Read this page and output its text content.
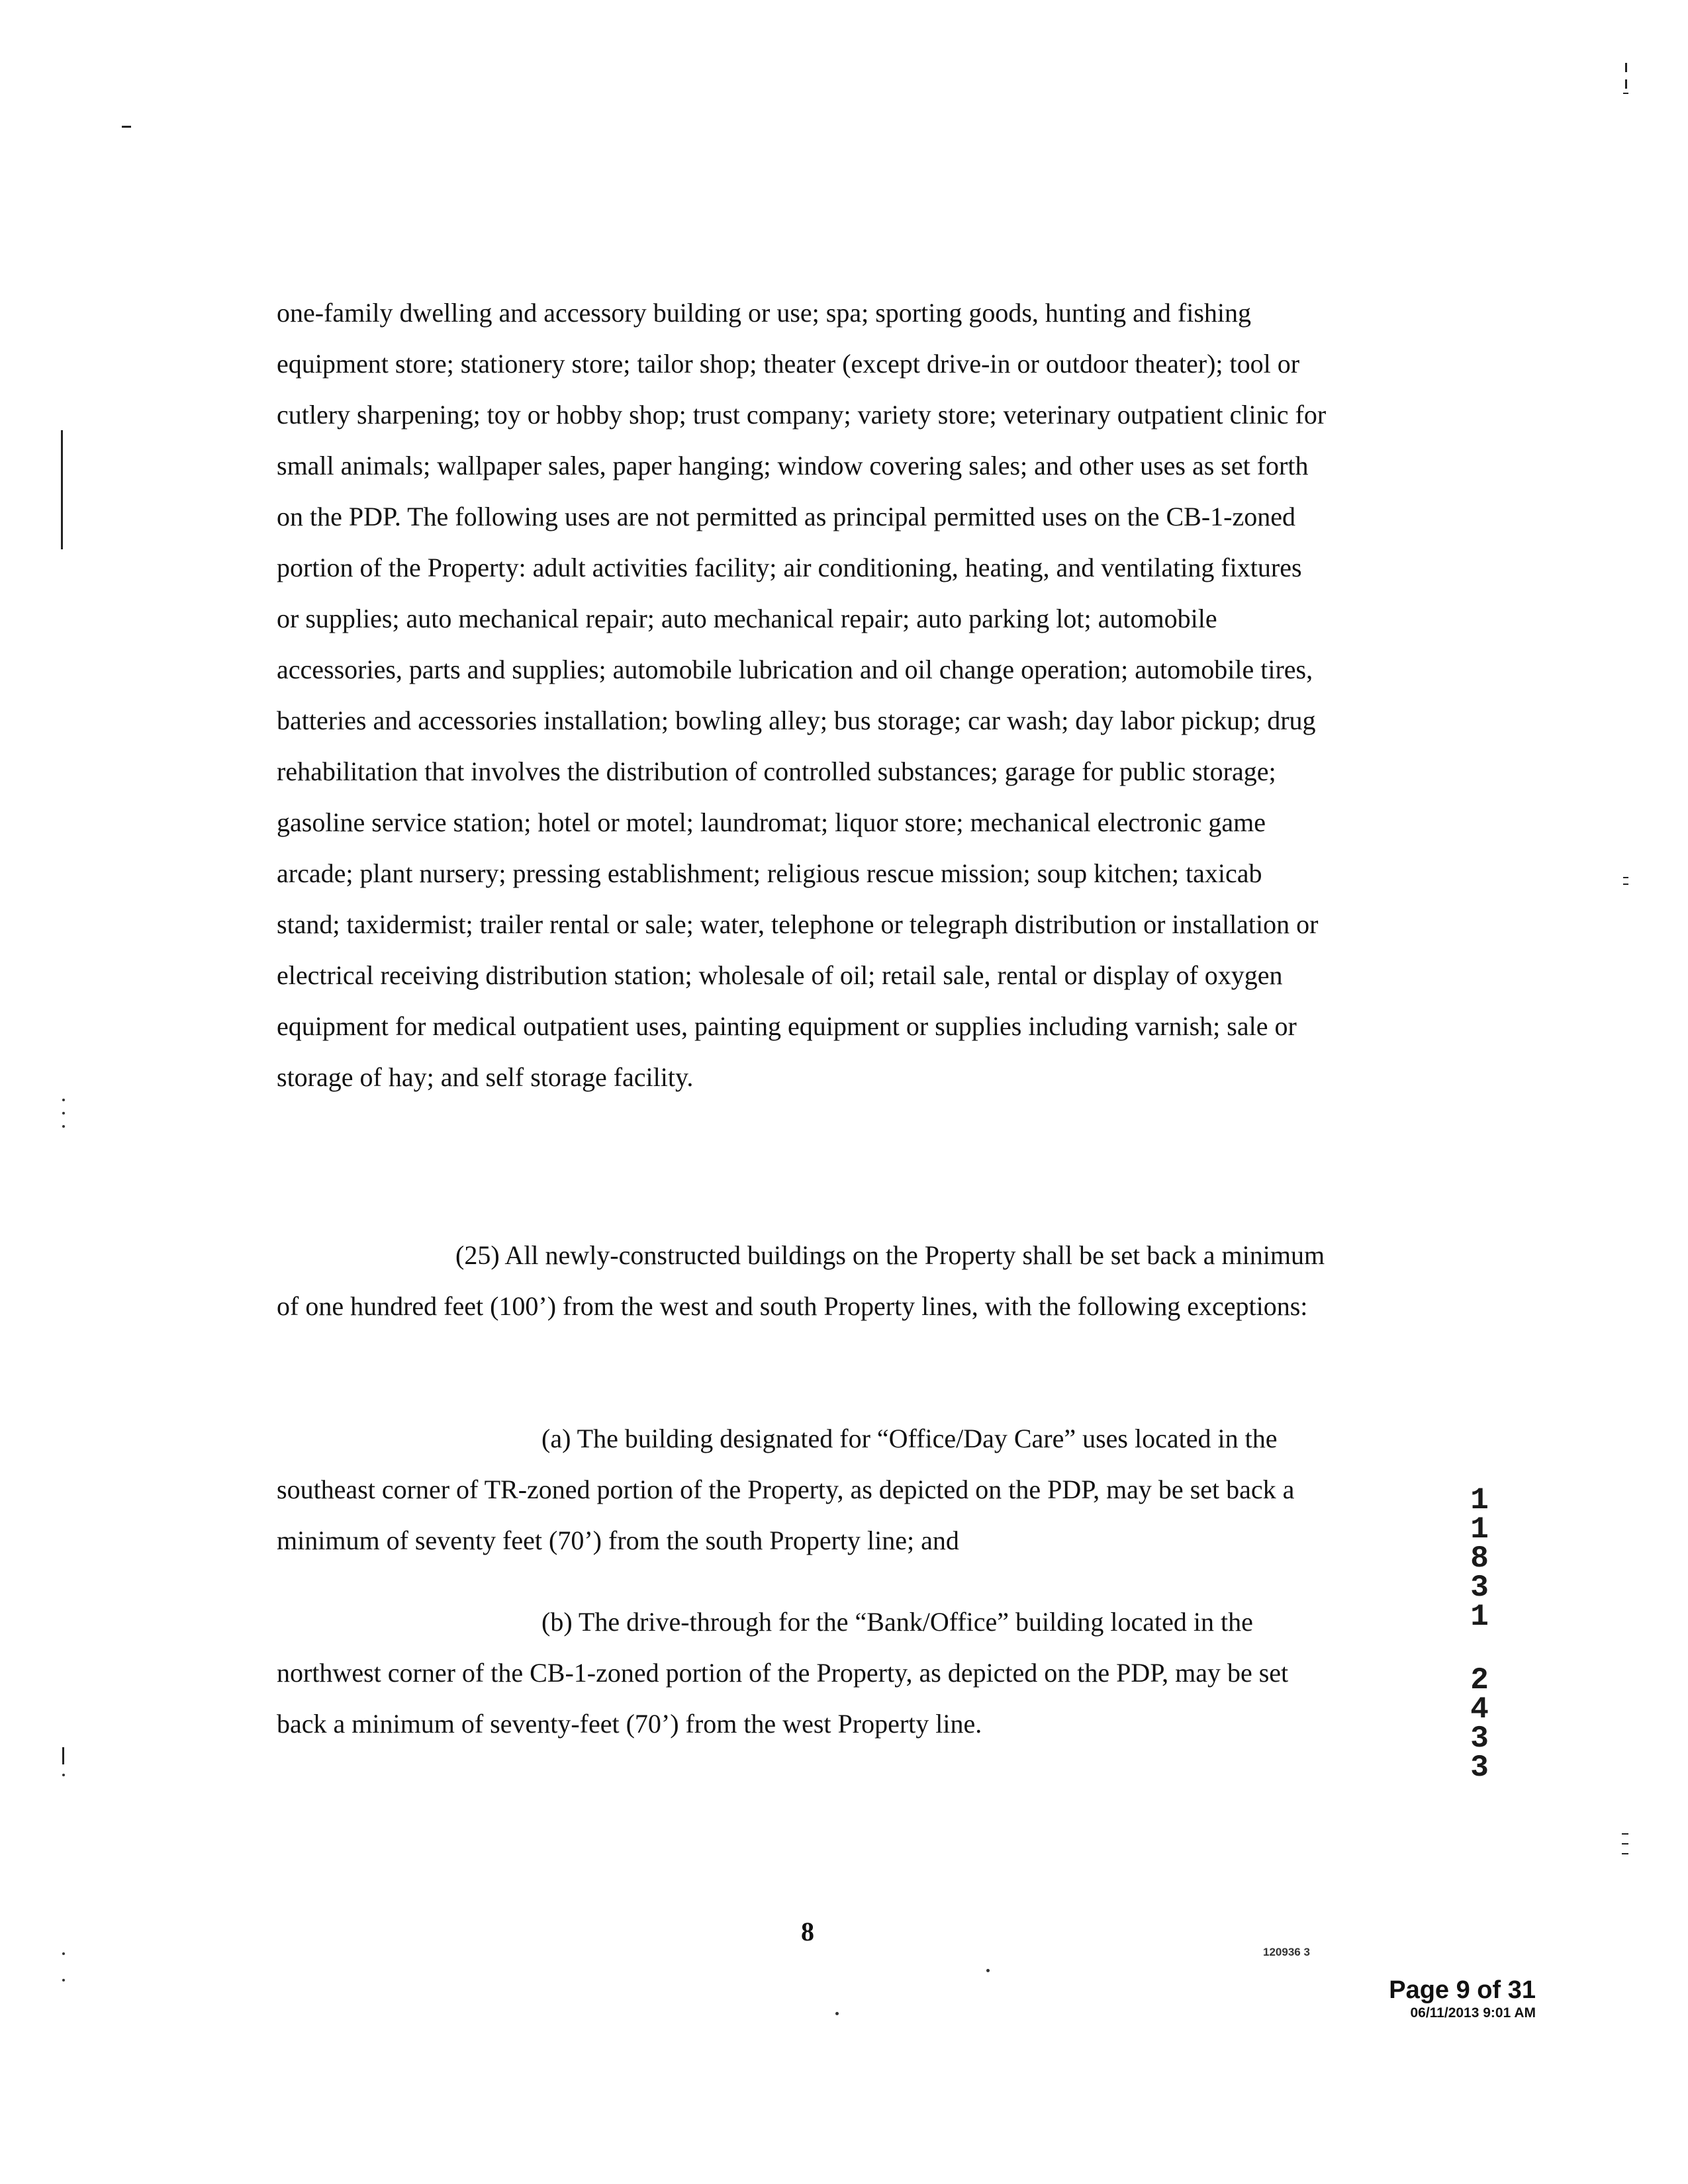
one-family dwelling and accessory building or use; spa; sporting goods, hunting and fishing equipment store; stationery store; tailor shop; theater (except drive-in or outdoor theater); tool or cutlery sharpening; toy or hobby shop; trust company; variety store; veterinary outpatient clinic for small animals; wallpaper sales, paper hanging; window covering sales; and other uses as set forth on the PDP. The following uses are not permitted as principal permitted uses on the CB-1-zoned portion of the Property: adult activities facility; air conditioning, heating, and ventilating fixtures or supplies; auto mechanical repair; auto mechanical repair; auto parking lot; automobile accessories, parts and supplies; automobile lubrication and oil change operation; automobile tires, batteries and accessories installation; bowling alley; bus storage; car wash; day labor pickup; drug rehabilitation that involves the distribution of controlled substances; garage for public storage; gasoline service station; hotel or motel; laundromat; liquor store; mechanical electronic game arcade; plant nursery; pressing establishment; religious rescue mission; soup kitchen; taxicab stand; taxidermist; trailer rental or sale; water, telephone or telegraph distribution or installation or electrical receiving distribution station; wholesale of oil; retail sale, rental or display of oxygen equipment for medical outpatient uses, painting equipment or supplies including varnish; sale or storage of hay; and self storage facility.
(25) All newly-constructed buildings on the Property shall be set back a minimum of one hundred feet (100’) from the west and south Property lines, with the following exceptions:
(a) The building designated for “Office/Day Care” uses located in the southeast corner of TR-zoned portion of the Property, as depicted on the PDP, may be set back a minimum of seventy feet (70’) from the south Property line; and
(b) The drive-through for the “Bank/Office” building located in the northwest corner of the CB-1-zoned portion of the Property, as depicted on the PDP, may be set back a minimum of seventy-feet (70’) from the west Property line.
1
1
8
3
1
2
4
3
3
8
120936 3
Page 9 of 31
06/11/2013 9:01 AM
